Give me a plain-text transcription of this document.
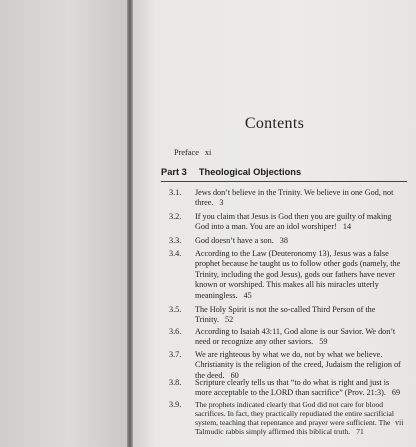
Contents
Preface xi
Part 3 Theological Objections
3.1. Jews don’t believe in the Trinity. We believe in one God, not three. 3
3.2. If you claim that Jesus is God then you are guilty of making God into a man. You are an idol worshiper! 14
3.3. God doesn’t have a son. 38
3.4. According to the Law (Deuteronomy 13), Jesus was a false prophet because he taught us to follow other gods (namely, the Trinity, including the god Jesus), gods our fathers have never known or worshiped. This makes all his miracles utterly meaningless. 45
3.5. The Holy Spirit is not the so-called Third Person of the Trinity. 52
3.6. According to Isaiah 43:11, God alone is our Savior. We don’t need or recognize any other saviors. 59
3.7. We are righteous by what we do, not by what we believe. Christianity is the religion of the creed, Judaism the religion of the deed. 60
3.8. Scripture clearly tells us that “to do what is right and just is more acceptable to the LORD than sacrifice” (Prov. 21:3). 69
3.9. The prophets indicated clearly that God did not care for blood sacrifices. In fact, they practically repudiated the entire sacrificial system, teaching that repentance and prayer were sufficient. The Talmudic rabbis simply affirmed this biblical truth. 71
vii
